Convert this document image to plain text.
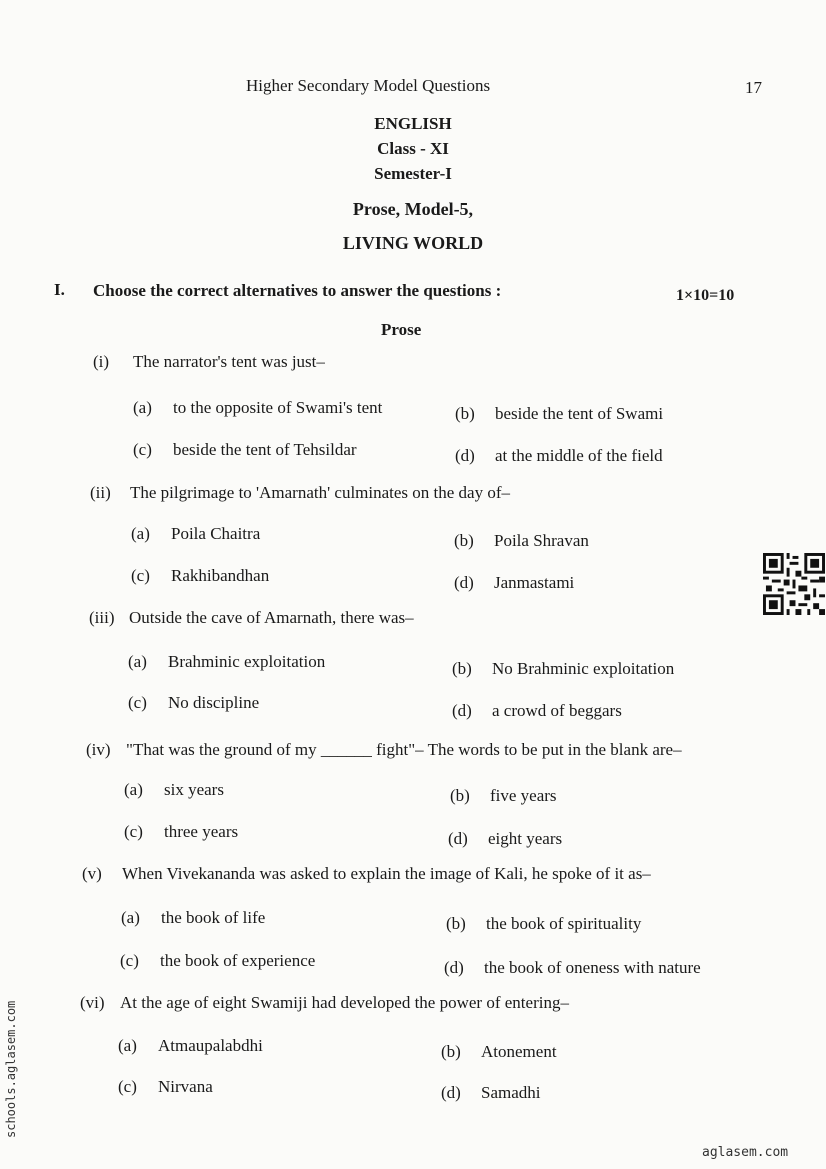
Higher Secondary Model Questions	17
ENGLISH
Class - XI
Semester-I
Prose, Model-5,
LIVING WORLD
I. Choose the correct alternatives to answer the questions :	1×10=10
Prose
(i) The narrator's tent was just–
(a) to the opposite of Swami's tent	(b) beside the tent of Swami
(c) beside the tent of Tehsildar	(d) at the middle of the field
(ii) The pilgrimage to 'Amarnath' culminates on the day of–
(a) Poila Chaitra	(b) Poila Shravan
(c) Rakhibandhan	(d) Janmastami
(iii) Outside the cave of Amarnath, there was–
(a) Brahminic exploitation	(b) No Brahminic exploitation
(c) No discipline	(d) a crowd of beggars
(iv) "That was the ground of my ______ fight"– The words to be put in the blank are–
(a) six years	(b) five years
(c) three years	(d) eight years
(v) When Vivekananda was asked to explain the image of Kali, he spoke of it as–
(a) the book of life	(b) the book of spirituality
(c) the book of experience	(d) the book of oneness with nature
(vi) At the age of eight Swamiji had developed the power of entering–
(a) Atmaupalabdhi	(b) Atonement
(c) Nirvana	(d) Samadhi
schools.aglasem.com
aglasem.com
